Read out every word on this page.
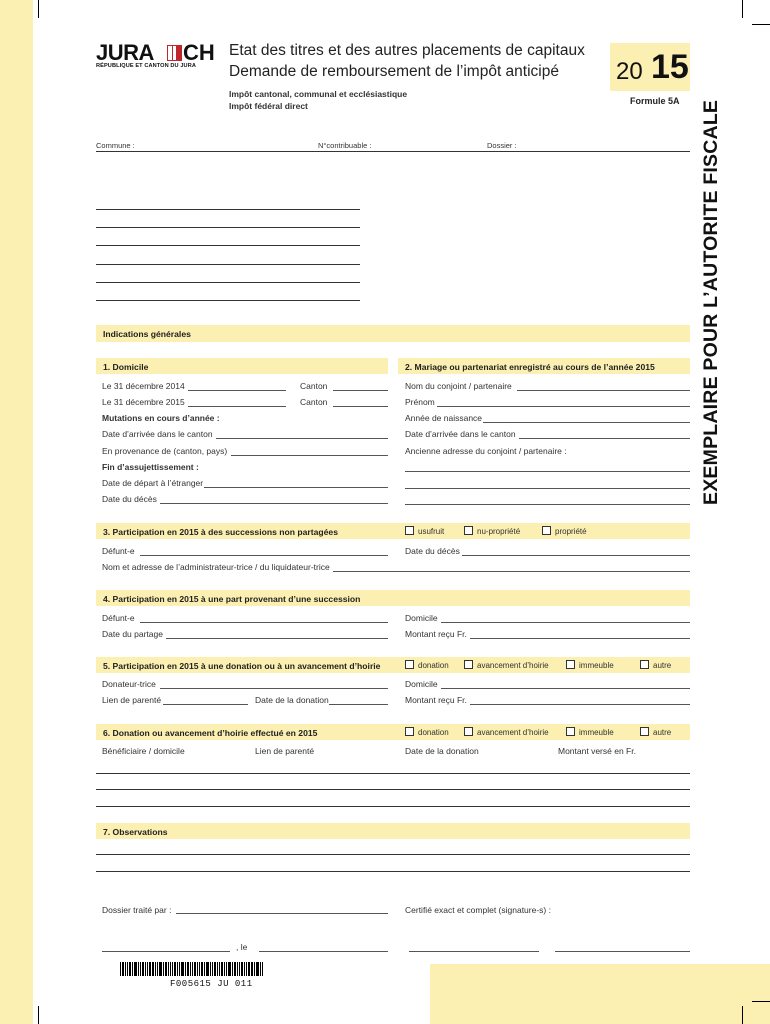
JURA CH
RÉPUBLIQUE ET CANTON DU JURA
Etat des titres et des autres placements de capitaux
Demande de remboursement de l’impôt anticipé
Impôt cantonal, communal et ecclésiastique
Impôt fédéral direct
20 15
Formule 5A EXEMPLAIRE POUR L’AUTORITE FISCALE
Commune :	N°contribuable :	Dossier :
Indications générales
1. Domicile	2. Mariage ou partenariat enregistré au cours de l’année 2015
Le 31 décembre 2014	Canton
Le 31 décembre 2015	Canton
Mutations en cours d’année :
Date d’arrivée dans le canton
En provenance de (canton, pays)
Fin d’assujettissement :
Date de départ à l’étranger
Date du décès
Nom du conjoint / partenaire
Prénom
Année de naissance
Date d’arrivée dans le canton
Ancienne adresse du conjoint / partenaire :
3. Participation en 2015 à des successions non partagées	usufruit	nu-propriété	propriété
Défunt-e	Date du décès
Nom et adresse de l’administrateur-trice / du liquidateur-trice
4. Participation en 2015 à une part provenant d’une succession
Défunt-e	Domicile
Date du partage	Montant reçu Fr.
5. Participation en 2015 à une donation ou à un avancement d’hoirie	donation	avancement d’hoirie	immeuble	autre
Donateur-trice	Domicile
Lien de parenté	Date de la donation	Montant reçu Fr.
6. Donation ou avancement d’hoirie effectué en 2015	donation	avancement d’hoirie	immeuble	autre
Bénéficiaire / domicile	Lien de parenté	Date de la donation	Montant versé en Fr.
7. Observations
Dossier traité par :	Certifié exact et complet (signature-s) :
, le
F005615 JU 011
